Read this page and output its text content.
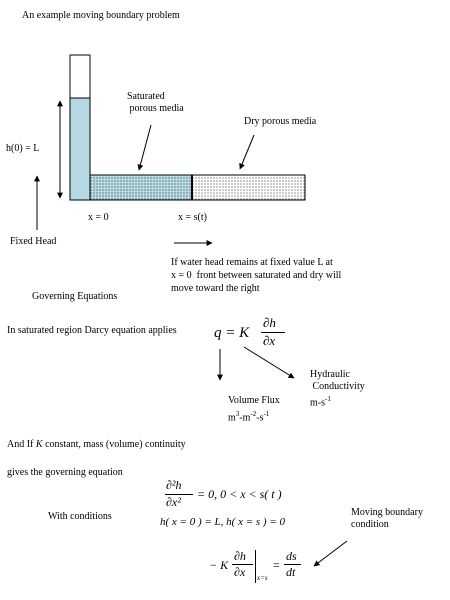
An example moving boundary problem
Saturated
porous media
Dry porous media
h(0) = L
x = 0	x = s(t)
Fixed Head
If water head remains at fixed value L at
x = 0  front between saturated and dry will
move toward the right
Governing Equations
In saturated region Darcy equation applies q = K
∂h
∂x
Hydraulic
Conductivity
$m-s^{-1}$
Volume Flux
$m^3-m^{-2}-s^{-1}$
And If K constant, mass (volume) continuity
gives the governing equation
∂²h
∂x²
= 0, 0 < x < s( t )
With conditions	h( x = 0 ) = L, h( x = s ) = 0
Moving boundary
condition
− K
∂h
∂x x=s
=
ds
dt
